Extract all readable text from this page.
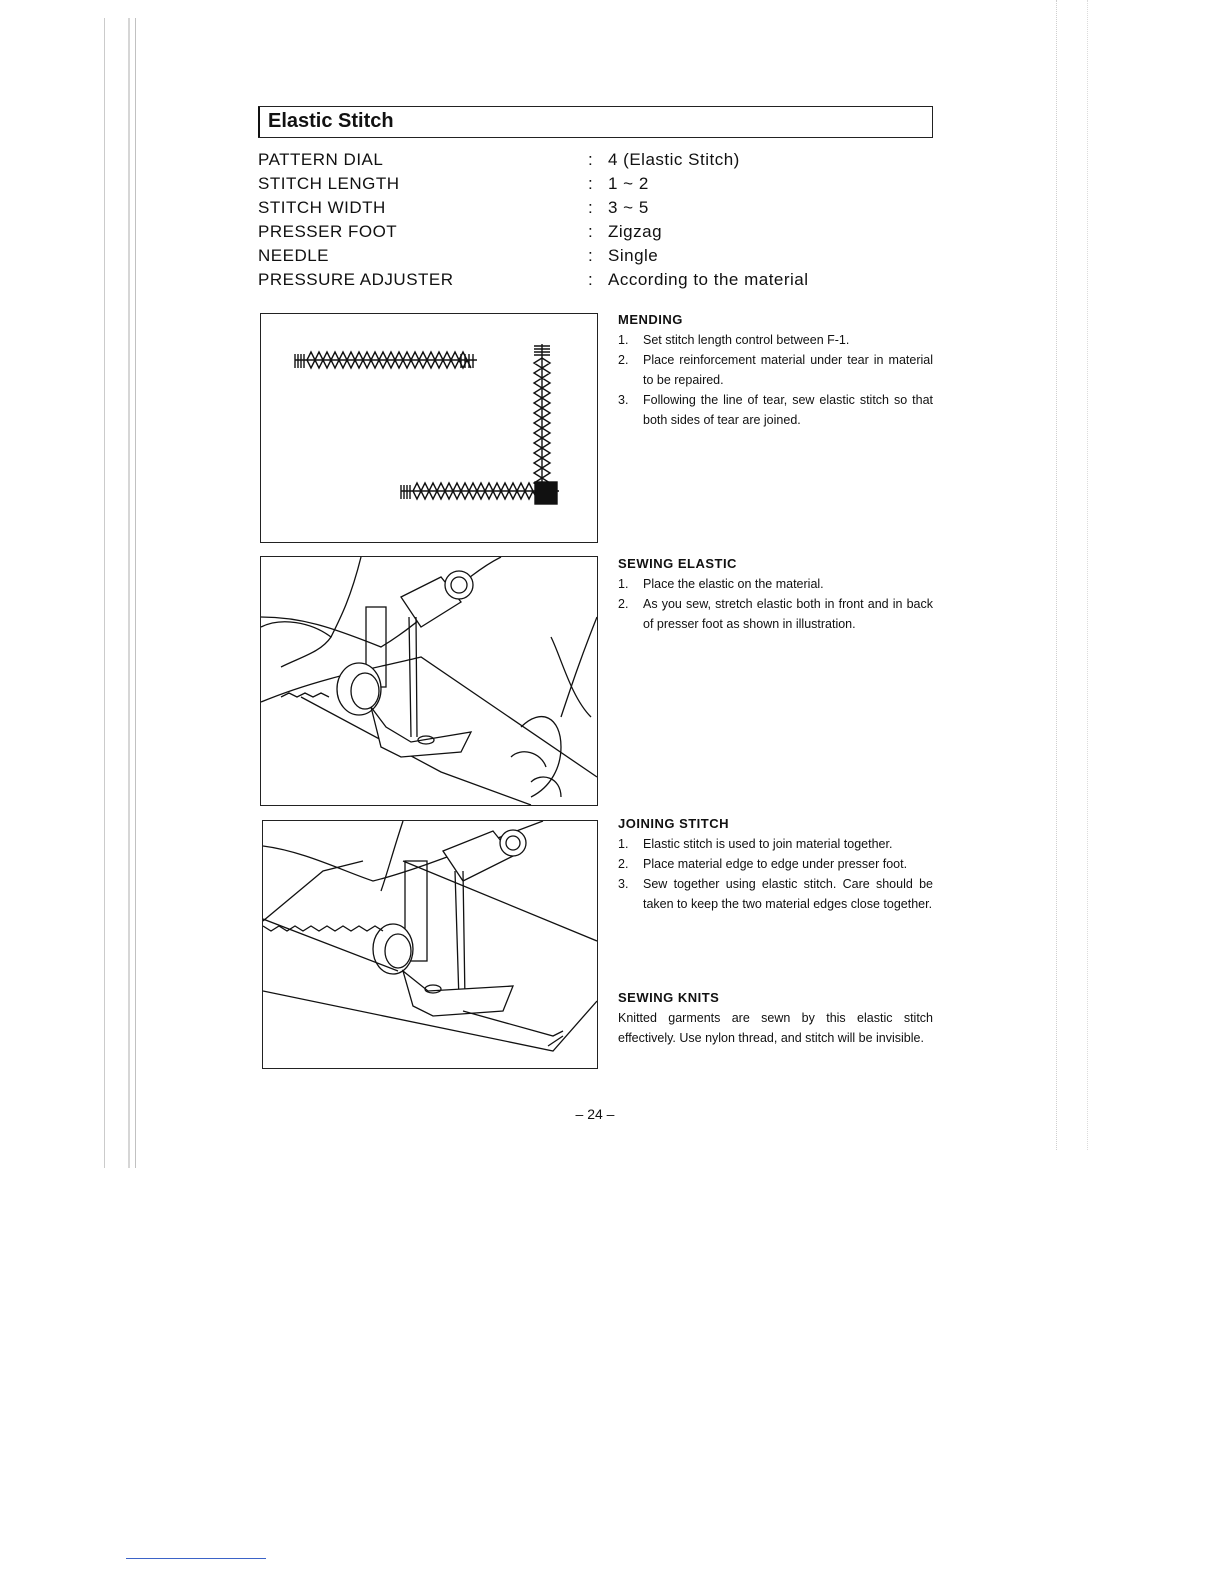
Elastic Stitch
PATTERN DIAL	: 4 (Elastic Stitch)
STITCH LENGTH	: 1 ~ 2
STITCH WIDTH	: 3 ~ 5
PRESSER FOOT	: Zigzag
NEEDLE	: Single
PRESSURE ADJUSTER	: According to the material
MENDING
1. Set stitch length control between F-1.
2. Place reinforcement material under tear in material to be repaired.
3. Following the line of tear, sew elastic stitch so that both sides of tear are joined.
SEWING ELASTIC
1. Place the elastic on the material.
2. As you sew, stretch elastic both in front and in back of presser foot as shown in illustration.
JOINING STITCH
1. Elastic stitch is used to join material together.
2. Place material edge to edge under presser foot.
3. Sew together using elastic stitch. Care should be taken to keep the two material edges close together.
SEWING KNITS

Knitted garments are sewn by this elastic stitch effectively. Use nylon thread, and stitch will be invisible.

– 24 –
